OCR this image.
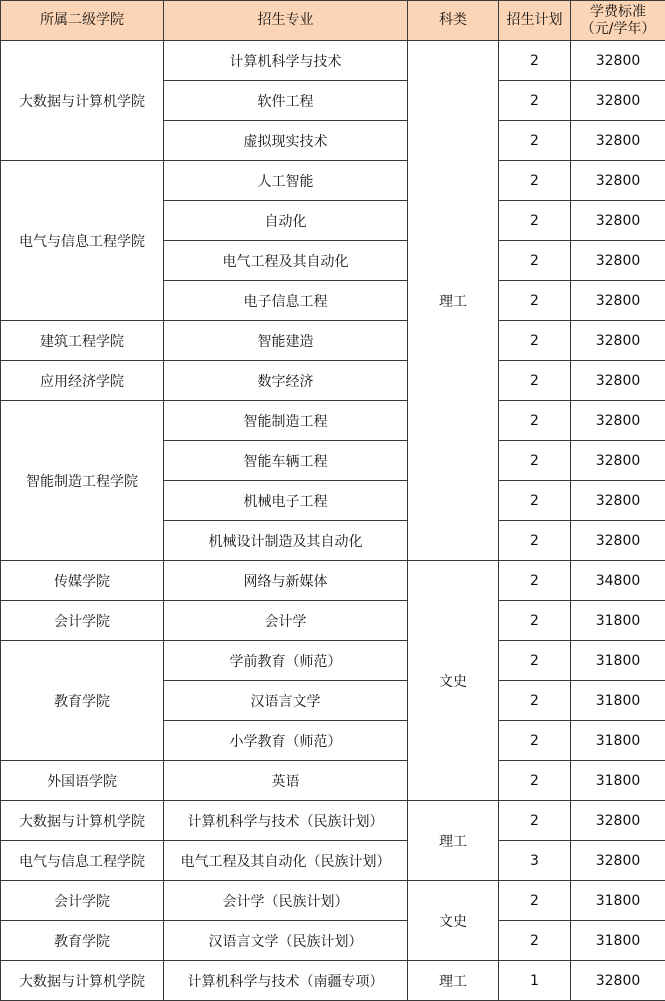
所属二级学院	招生专业	科类	招生计划	学费标准
（元/学年）
大数据与计算机学院	计算机科学与技术	理工	2	32800
	软件工程		2	32800
	虚拟现实技术		2	32800
电气与信息工程学院	人工智能		2	32800
	自动化		2	32800
	电气工程及其自动化		2	32800
	电子信息工程		2	32800
建筑工程学院	智能建造		2	32800
应用经济学院	数字经济		2	32800
智能制造工程学院	智能制造工程		2	32800
	智能车辆工程		2	32800
	机械电子工程		2	32800
	机械设计制造及其自动化		2	32800
传媒学院	网络与新媒体	文史	2	34800
会计学院	会计学		2	31800
教育学院	学前教育（师范）		2	31800
	汉语言文学		2	31800
	小学教育（师范）		2	31800
外国语学院	英语		2	31800
大数据与计算机学院	计算机科学与技术（民族计划）	理工	2	32800
电气与信息工程学院	电气工程及其自动化（民族计划）		3	32800
会计学院	会计学（民族计划）	文史	2	31800
教育学院	汉语言文学（民族计划）		2	31800
大数据与计算机学院	计算机科学与技术（南疆专项）	理工	1	32800
